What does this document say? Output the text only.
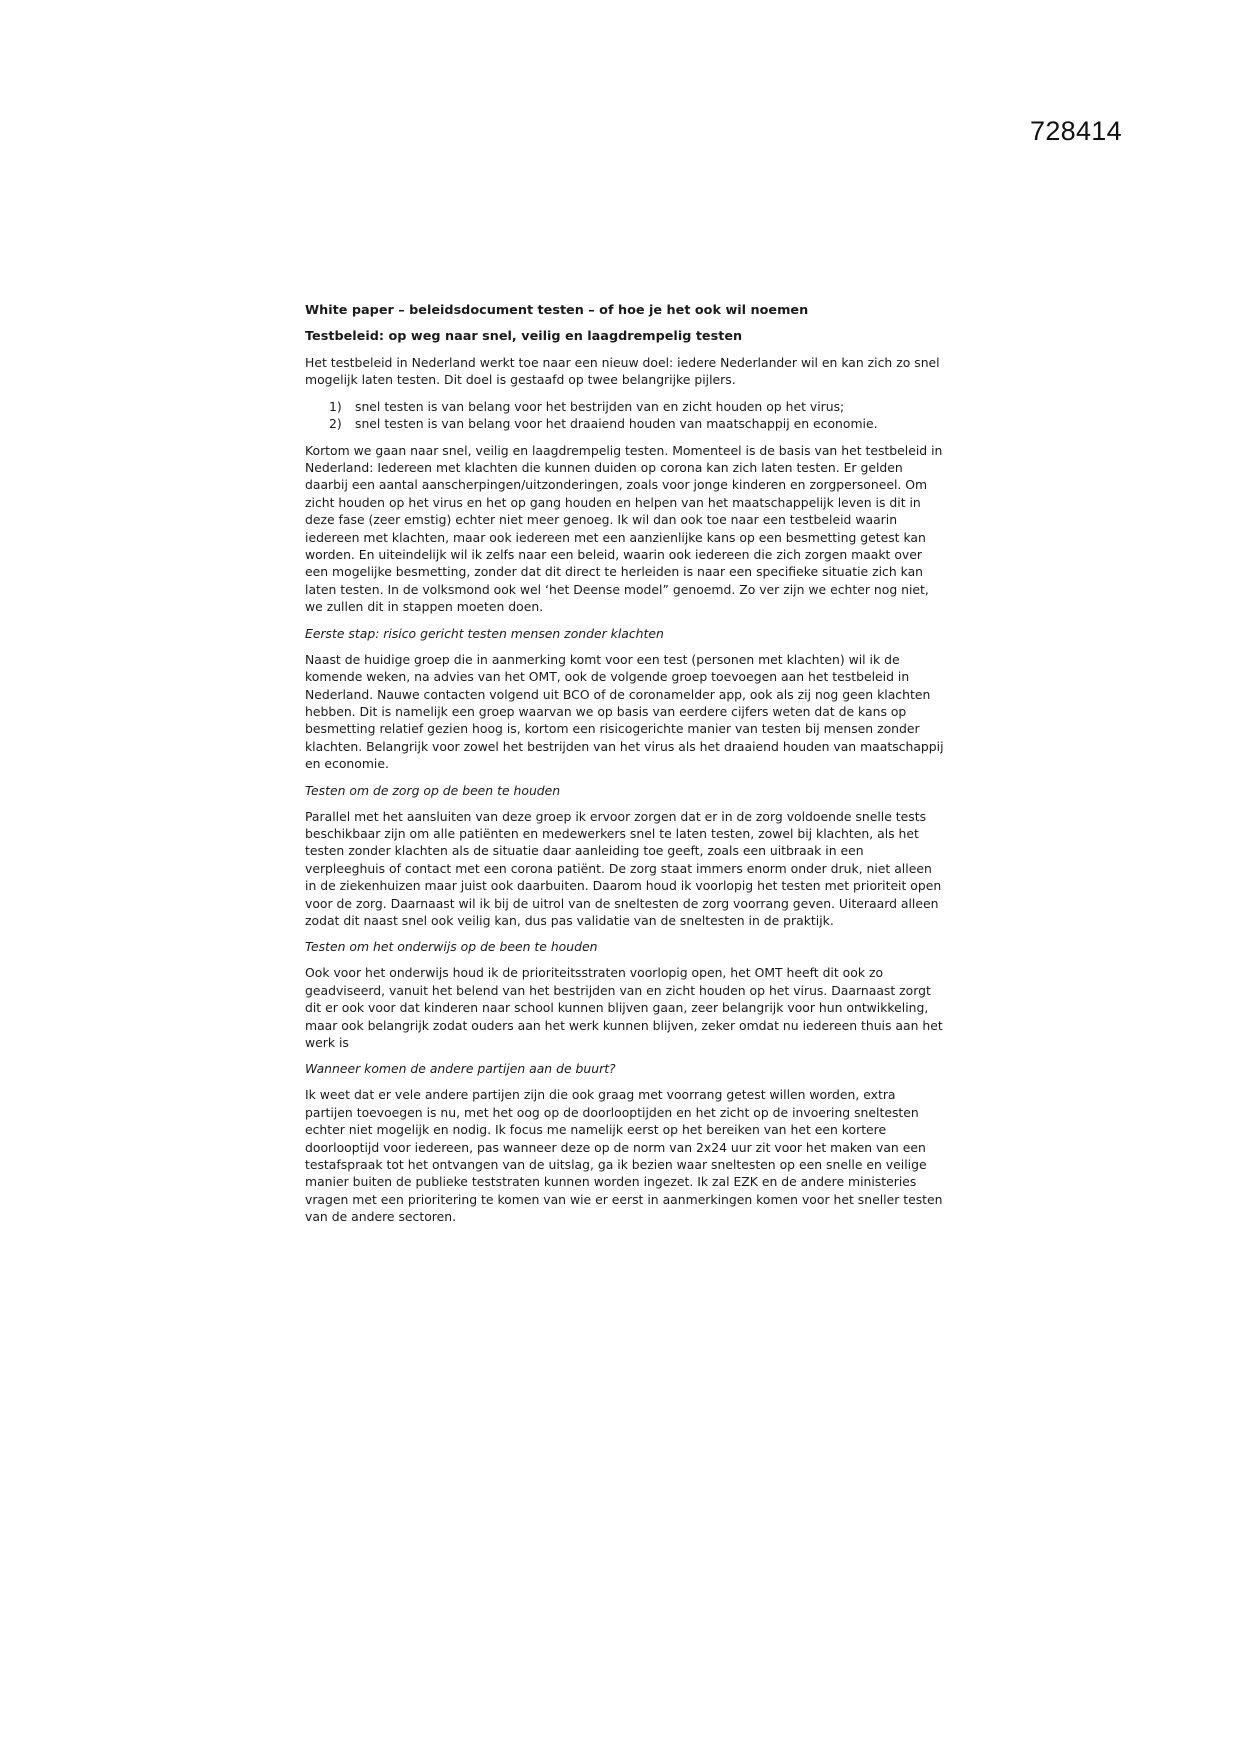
728414
White paper – beleidsdocument testen – of hoe je het ook wil noemen
Testbeleid: op weg naar snel, veilig en laagdrempelig testen

Het testbeleid in Nederland werkt toe naar een nieuw doel: iedere Nederlander wil en kan zich zo snel mogelijk laten testen. Dit doel is gestaafd op twee belangrijke pijlers.

1)	snel testen is van belang voor het bestrijden van en zicht houden op het virus;
2)	snel testen is van belang voor het draaiend houden van maatschappij en economie.

Kortom we gaan naar snel, veilig en laagdrempelig testen. Momenteel is de basis van het testbeleid in Nederland: Iedereen met klachten die kunnen duiden op corona kan zich laten testen. Er gelden daarbij een aantal aanscherpingen/uitzonderingen, zoals voor jonge kinderen en zorgpersoneel. Om zicht houden op het virus en het op gang houden en helpen van het maatschappelijk leven is dit in deze fase (zeer emstig) echter niet meer genoeg. Ik wil dan ook toe naar een testbeleid waarin iedereen met klachten, maar ook iedereen met een aanzienlijke kans op een besmetting getest kan worden. En uiteindelijk wil ik zelfs naar een beleid, waarin ook iedereen die zich zorgen maakt over een mogelijke besmetting, zonder dat dit direct te herleiden is naar een specifieke situatie zich kan laten testen. In de volksmond ook wel ‘het Deense model” genoemd. Zo ver zijn we echter nog niet, we zullen dit in stappen moeten doen.

Eerste stap: risico gericht testen mensen zonder klachten

Naast de huidige groep die in aanmerking komt voor een test (personen met klachten) wil ik de komende weken, na advies van het OMT, ook de volgende groep toevoegen aan het testbeleid in Nederland. Nauwe contacten volgend uit BCO of de coronamelder app, ook als zij nog geen klachten hebben. Dit is namelijk een groep waarvan we op basis van eerdere cijfers weten dat de kans op besmetting relatief gezien hoog is, kortom een risicogerichte manier van testen bij mensen zonder klachten. Belangrijk voor zowel het bestrijden van het virus als het draaiend houden van maatschappij en economie.

Testen om de zorg op de been te houden

Parallel met het aansluiten van deze groep ik ervoor zorgen dat er in de zorg voldoende snelle tests beschikbaar zijn om alle patiënten en medewerkers snel te laten testen, zowel bij klachten, als het testen zonder klachten als de situatie daar aanleiding toe geeft, zoals een uitbraak in een verpleeghuis of contact met een corona patiënt. De zorg staat immers enorm onder druk, niet alleen in de ziekenhuizen maar juist ook daarbuiten. Daarom houd ik voorlopig het testen met prioriteit open voor de zorg. Daarnaast wil ik bij de uitrol van de sneltesten de zorg voorrang geven. Uiteraard alleen zodat dit naast snel ook veilig kan, dus pas validatie van de sneltesten in de praktijk.

Testen om het onderwijs op de been te houden

Ook voor het onderwijs houd ik de prioriteitsstraten voorlopig open, het OMT heeft dit ook zo geadviseerd, vanuit het belend van het bestrijden van en zicht houden op het virus. Daarnaast zorgt dit er ook voor dat kinderen naar school kunnen blijven gaan, zeer belangrijk voor hun ontwikkeling, maar ook belangrijk zodat ouders aan het werk kunnen blijven, zeker omdat nu iedereen thuis aan het werk is

Wanneer komen de andere partijen aan de buurt?

Ik weet dat er vele andere partijen zijn die ook graag met voorrang getest willen worden, extra partijen toevoegen is nu, met het oog op de doorlooptijden en het zicht op de invoering sneltesten echter niet mogelijk en nodig. Ik focus me namelijk eerst op het bereiken van het een kortere doorlooptijd voor iedereen, pas wanneer deze op de norm van 2x24 uur zit voor het maken van een testafspraak tot het ontvangen van de uitslag, ga ik bezien waar sneltesten op een snelle en veilige manier buiten de publieke teststraten kunnen worden ingezet. Ik zal EZK en de andere ministeries vragen met een prioritering te komen van wie er eerst in aanmerkingen komen voor het sneller testen van de andere sectoren.
